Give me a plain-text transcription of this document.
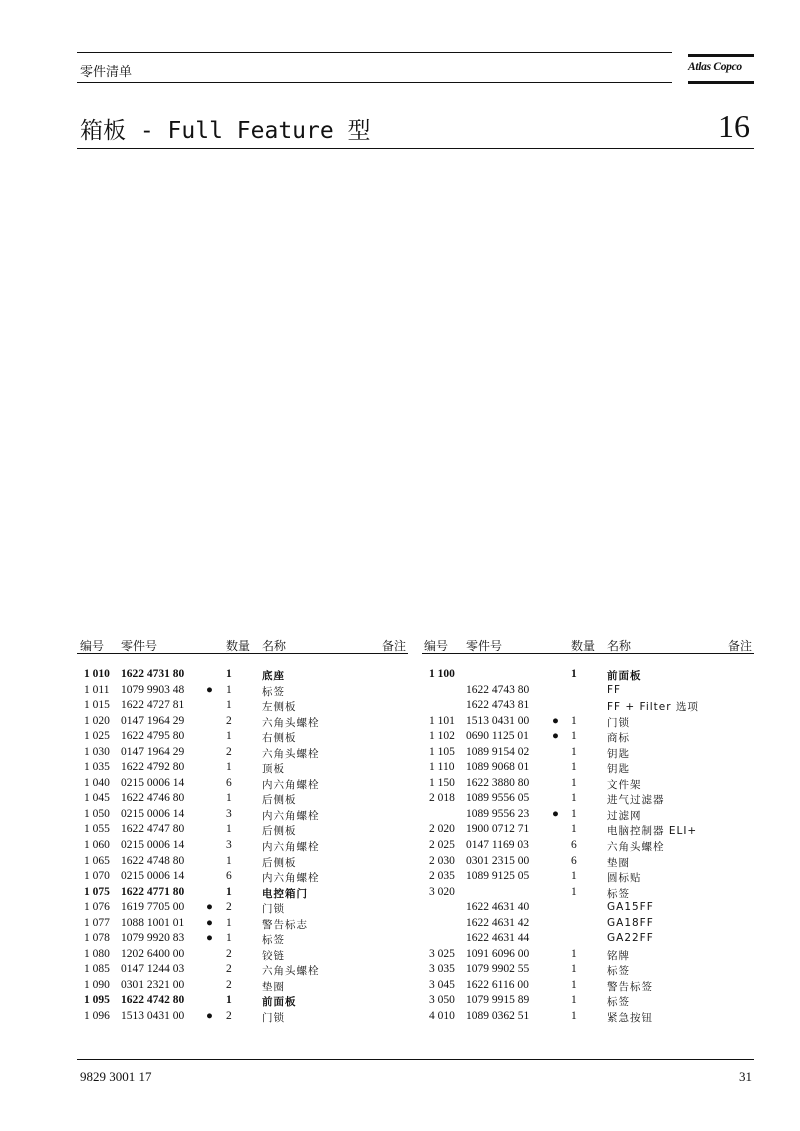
零件清单	Atlas Copco
箱板 - Full Feature 型	16
编号 零件号	数量 名称	备注 编号 零件号	数量 名称	备注
1 010 1622 4731 80	1	底座
1 011 1079 9903 48 ● 1	标签
1 015 1622 4727 81	1	左侧板
1 020 0147 1964 29	2	六角头螺栓
1 025 1622 4795 80	1	右侧板
1 030 0147 1964 29	2	六角头螺栓
1 035 1622 4792 80	1	顶板
1 040 0215 0006 14	6	内六角螺栓
1 045 1622 4746 80	1	后侧板
1 050 0215 0006 14	3	内六角螺栓
1 055 1622 4747 80	1	后侧板
1 060 0215 0006 14	3	内六角螺栓
1 065 1622 4748 80	1	后侧板
1 070 0215 0006 14	6	内六角螺栓
1 075 1622 4771 80	1	电控箱门
1 076 1619 7705 00 ● 2	门锁
1 077 1088 1001 01 ● 1	警告标志
1 078 1079 9920 83 ● 1	标签
1 080 1202 6400 00	2	铰链
1 085 0147 1244 03	2	六角头螺栓
1 090 0301 2321 00	2	垫圈
1 095 1622 4742 80	1	前面板
1 096 1513 0431 00 ● 2	门锁
1 100	1	前面板
1622 4743 80	FF
1622 4743 81	FF + Filter 选项
1 101 1513 0431 00 ● 1	门锁
1 102 0690 1125 01 ● 1	商标
1 105 1089 9154 02	1	钥匙
1 110 1089 9068 01	1	钥匙
1 150 1622 3880 80	1	文件架
2 018 1089 9556 05	1	进气过滤器
1089 9556 23 ● 1	过滤网
2 020 1900 0712 71	1	电脑控制器 ELI+
2 025 0147 1169 03	6	六角头螺栓
2 030 0301 2315 00	6	垫圈
2 035 1089 9125 05	1	圆标贴
3 020	1	标签
1622 4631 40	GA15FF
1622 4631 42	GA18FF
1622 4631 44	GA22FF
3 025 1091 6096 00	1	铭牌
3 035 1079 9902 55	1	标签
3 045 1622 6116 00	1	警告标签
3 050 1079 9915 89	1	标签
4 010 1089 0362 51	1	紧急按钮
9829 3001 17	31
